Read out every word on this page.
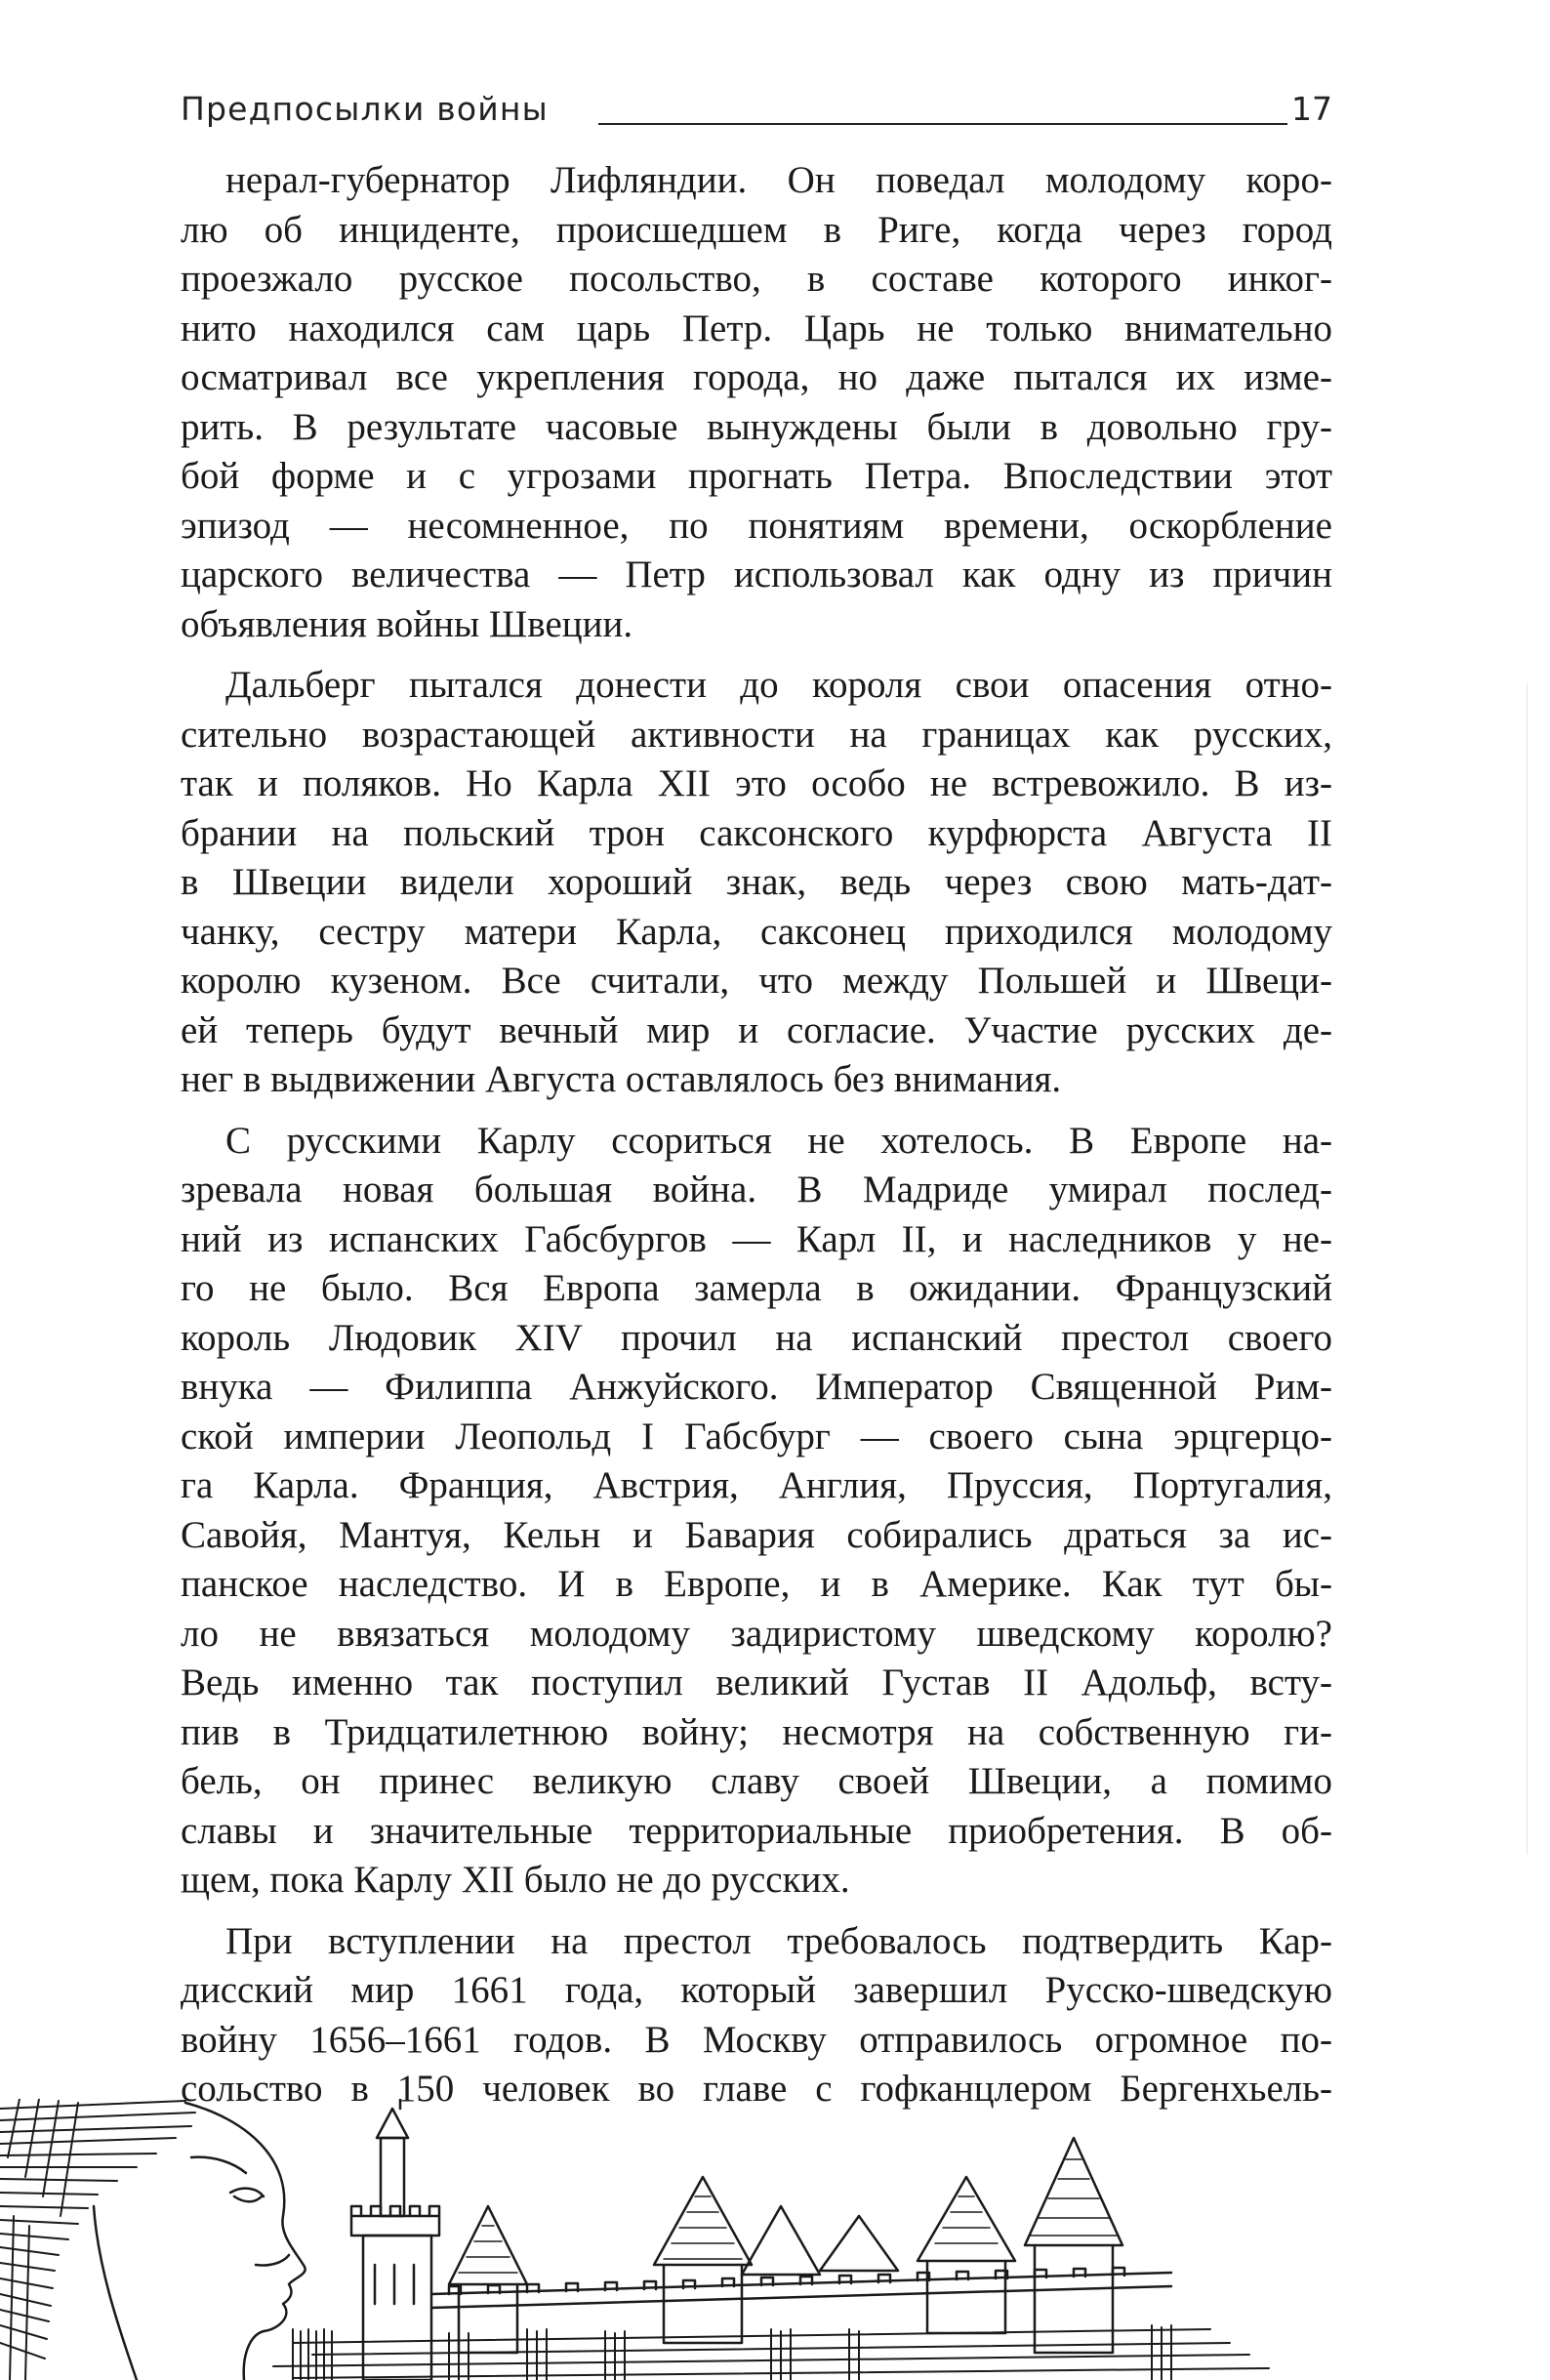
Предпосылки войны	17

нерал-губернатор Лифляндии. Он поведал молодому коро-
лю об инциденте, происшедшем в Риге, когда через город
проезжало русское посольство, в составе которого инког-
нито находился сам царь Петр. Царь не только внимательно
осматривал все укрепления города, но даже пытался их изме-
рить. В результате часовые вынуждены были в довольно гру-
бой форме и с угрозами прогнать Петра. Впоследствии этот
эпизод — несомненное, по понятиям времени, оскорбление
царского величества — Петр использовал как одну из причин
объявления войны Швеции.

Дальберг пытался донести до короля свои опасения отно-
сительно возрастающей активности на границах как русских,
так и поляков. Но Карла XII это особо не встревожило. В из-
брании на польский трон саксонского курфюрста Августа II
в Швеции видели хороший знак, ведь через свою мать-дат-
чанку, сестру матери Карла, саксонец приходился молодому
королю кузеном. Все считали, что между Польшей и Швеци-
ей теперь будут вечный мир и согласие. Участие русских де-
нег в выдвижении Августа оставлялось без внимания.

С русскими Карлу ссориться не хотелось. В Европе на-
зревала новая большая война. В Мадриде умирал послед-
ний из испанских Габсбургов — Карл II, и наследников у не-
го не было. Вся Европа замерла в ожидании. Французский
король Людовик XIV прочил на испанский престол своего
внука — Филиппа Анжуйского. Император Священной Рим-
ской империи Леопольд I Габсбург — своего сына эрцгерцо-
га Карла. Франция, Австрия, Англия, Пруссия, Португалия,
Савойя, Мантуя, Кельн и Бавария собирались драться за ис-
панское наследство. И в Европе, и в Америке. Как тут бы-
ло не ввязаться молодому задиристому шведскому королю?
Ведь именно так поступил великий Густав II Адольф, всту-
пив в Тридцатилетнюю войну; несмотря на собственную ги-
бель, он принес великую славу своей Швеции, а помимо
славы и значительные территориальные приобретения. В об-
щем, пока Карлу XII было не до русских.

При вступлении на престол требовалось подтвердить Кар-
дисский мир 1661 года, который завершил Русско-шведскую
войну 1656–1661 годов. В Москву отправилось огромное по-
сольство в 150 человек во главе с гофканцлером Бергенхьель-
